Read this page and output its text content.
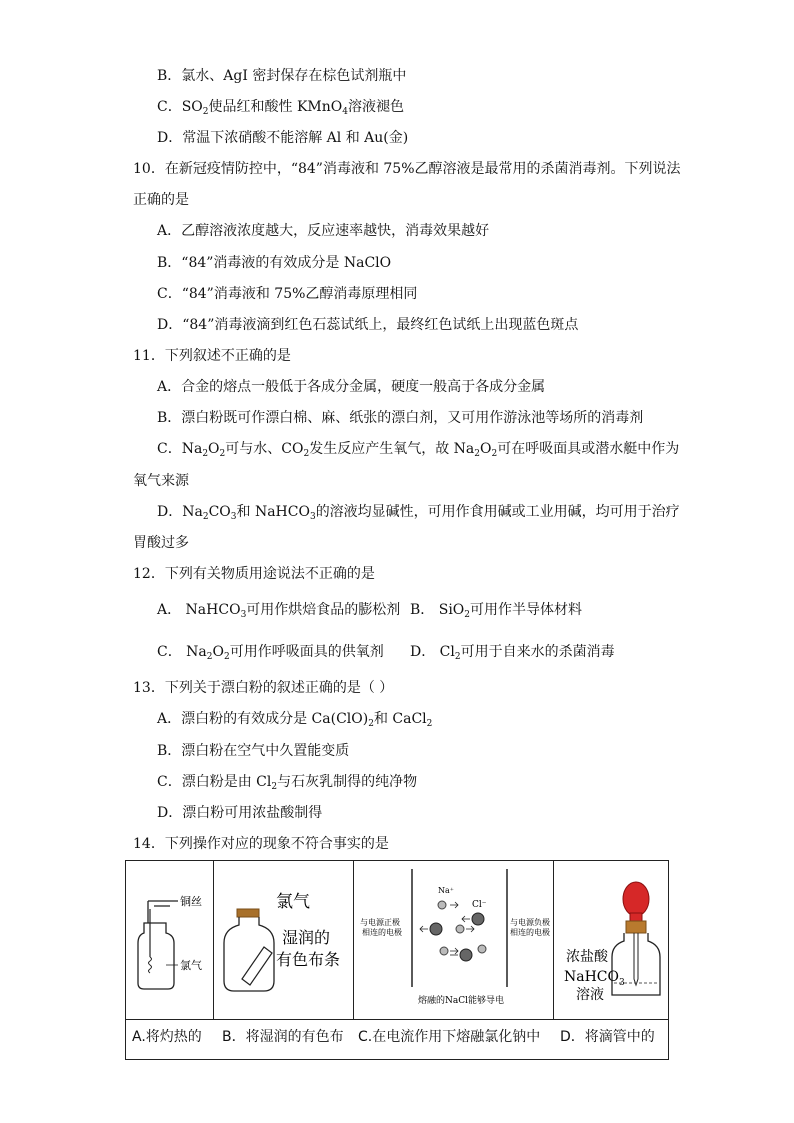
B．氯水、AgI 密封保存在棕色试剂瓶中
C．$SO_2$使品红和酸性 KMnO$_4$溶液褪色
D．常温下浓硝酸不能溶解 Al 和 Au(金)
10．在新冠疫情防控中，“84”消毒液和 75%乙醇溶液是最常用的杀菌消毒剂。下列说法
正确的是
A．乙醇溶液浓度越大，反应速率越快，消毒效果越好
B．“84”消毒液的有效成分是 NaClO
C．“84”消毒液和 75%乙醇消毒原理相同
D．“84”消毒液滴到红色石蕊试纸上，最终红色试纸上出现蓝色斑点
11．下列叙述不正确的是
A．合金的熔点一般低于各成分金属，硬度一般高于各成分金属
B．漂白粉既可作漂白棉、麻、纸张的漂白剂，又可用作游泳池等场所的消毒剂
C．$Na_2O_2$可与水、$CO_2$发生反应产生氧气，故 $Na_2O_2$可在呼吸面具或潜水艇中作为
氧气来源
D．$Na_2CO_3$和 NaHCO$_3$的溶液均显碱性，可用作食用碱或工业用碱，均可用于治疗
胃酸过多
12．下列有关物质用途说法不正确的是
A． NaHCO$_3$可用作烘焙食品的膨松剂 B． SiO$_2$可用作半导体材料
C． $Na_2O_2$可用作呼吸面具的供氧剂 D． $Cl_2$可用于自来水的杀菌消毒
13．下列关于漂白粉的叙述正确的是（ ）
A．漂白粉的有效成分是 $Ca(ClO)_2$和 CaCl$_2$
B．漂白粉在空气中久置能变质
C．漂白粉是由 $Cl_2$与石灰乳制得的纯净物
D．漂白粉可用浓盐酸制得
14．下列操作对应的现象不符合事实的是
铜丝
氯气
氯气
湿润的
有色布条
与电源正极
相连的电极
与电源负极
相连的电极
Na⁺
Cl⁻
熔融的NaCl能够导电
浓盐酸
NaHCO$_3$
溶液
A.将灼热的 B．将湿润的有色布 C.在电流作用下熔融氯化钠中 D．将滴管中的
